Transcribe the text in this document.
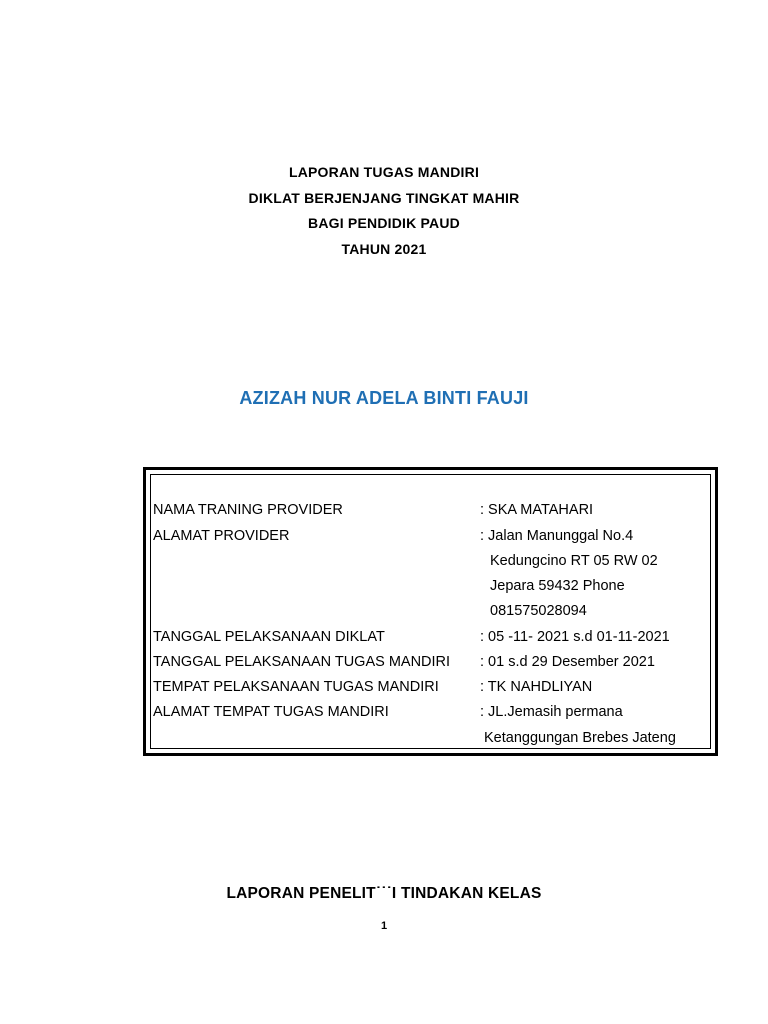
LAPORAN TUGAS MANDIRI
DIKLAT BERJENJANG TINGKAT MAHIR
BAGI PENDIDIK PAUD
TAHUN 2021
AZIZAH NUR ADELA BINTI FAUJI
NAMA TRANING PROVIDER	: SKA MATAHARI
ALAMAT PROVIDER	: Jalan Manunggal No.4
Kedungcino RT 05 RW 02
Jepara 59432 Phone
081575028094
TANGGAL PELAKSANAAN DIKLAT	: 05 -11- 2021 s.d 01-11-2021
TANGGAL PELAKSANAAN TUGAS MANDIRI : 01 s.d 29 Desember 2021
TEMPAT PELAKSANAAN TUGAS MANDIRI	: TK NAHDLIYAN
ALAMAT TEMPAT TUGAS MANDIRI	: JL.Jemasih permana
Ketanggungan Brebes Jateng
LAPORAN PENELIT˙˙˙I TINDAKAN KELAS
1
